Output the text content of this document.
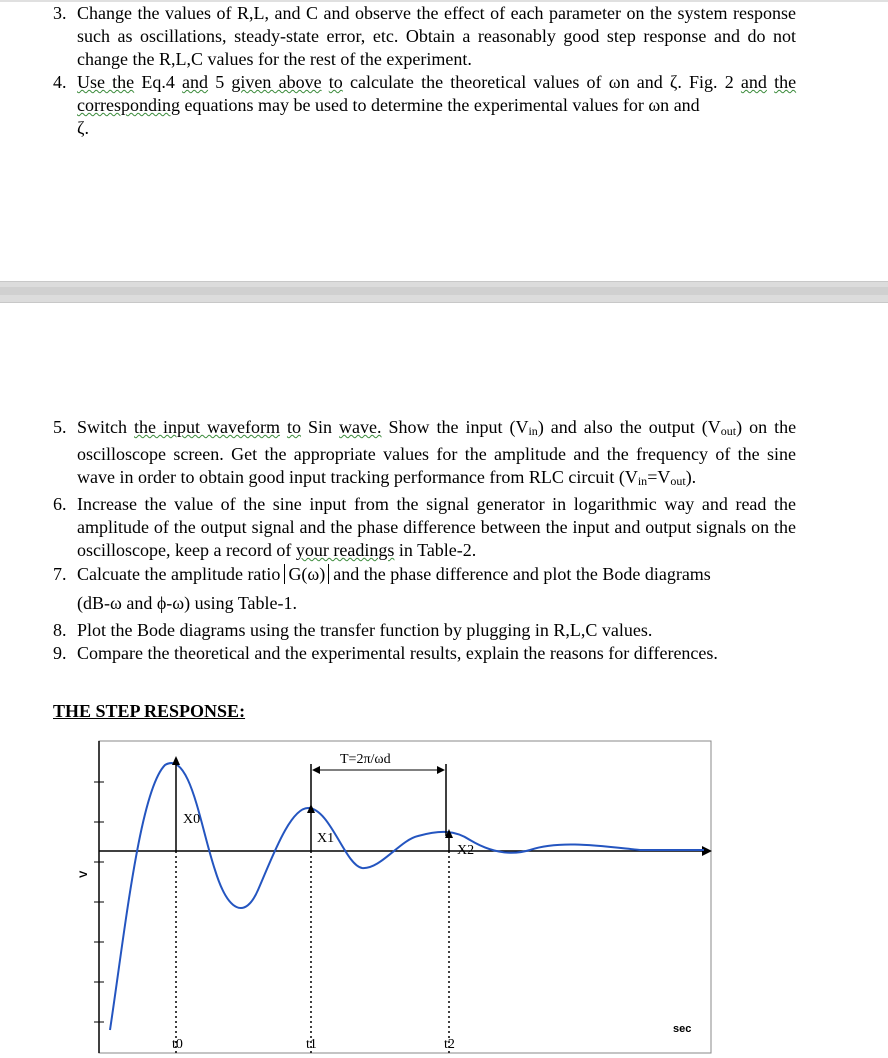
3. Change the values of R,L, and C and observe the effect of each parameter on the system response such as oscillations, steady-state error, etc. Obtain a reasonably good step response and do not change the R,L,C values for the rest of the experiment.
4. Use the Eq.4 and 5 given above to calculate the theoretical values of ωn and ζ. Fig. 2 and the corresponding equations may be used to determine the experimental values for ωn and
ζ.
5. Switch the input waveform to Sin wave. Show the input $(V_{in})$ and also the output $(V_{out})$ on the oscilloscope screen. Get the appropriate values for the amplitude and the frequency of the sine wave in order to obtain good input tracking performance from RLC circuit $(V_{in}=V_{out})$.
6. Increase the value of the sine input from the signal generator in logarithmic way and read the amplitude of the output signal and the phase difference between the input and output signals on the oscilloscope, keep a record of your readings in Table-2.
7. Calcuate the amplitude ratio G(ω) and the phase difference and plot the Bode diagrams
(dB-ω and ϕ-ω) using Table-1.
8. Plot the Bode diagrams using the transfer function by plugging in R,L,C values.
9. Compare the theoretical and the experimental results, explain the reasons for differences.
THE STEP RESPONSE:
X0
X1
X2
T=2π/ωd
t0	t1	t2
sec
V
